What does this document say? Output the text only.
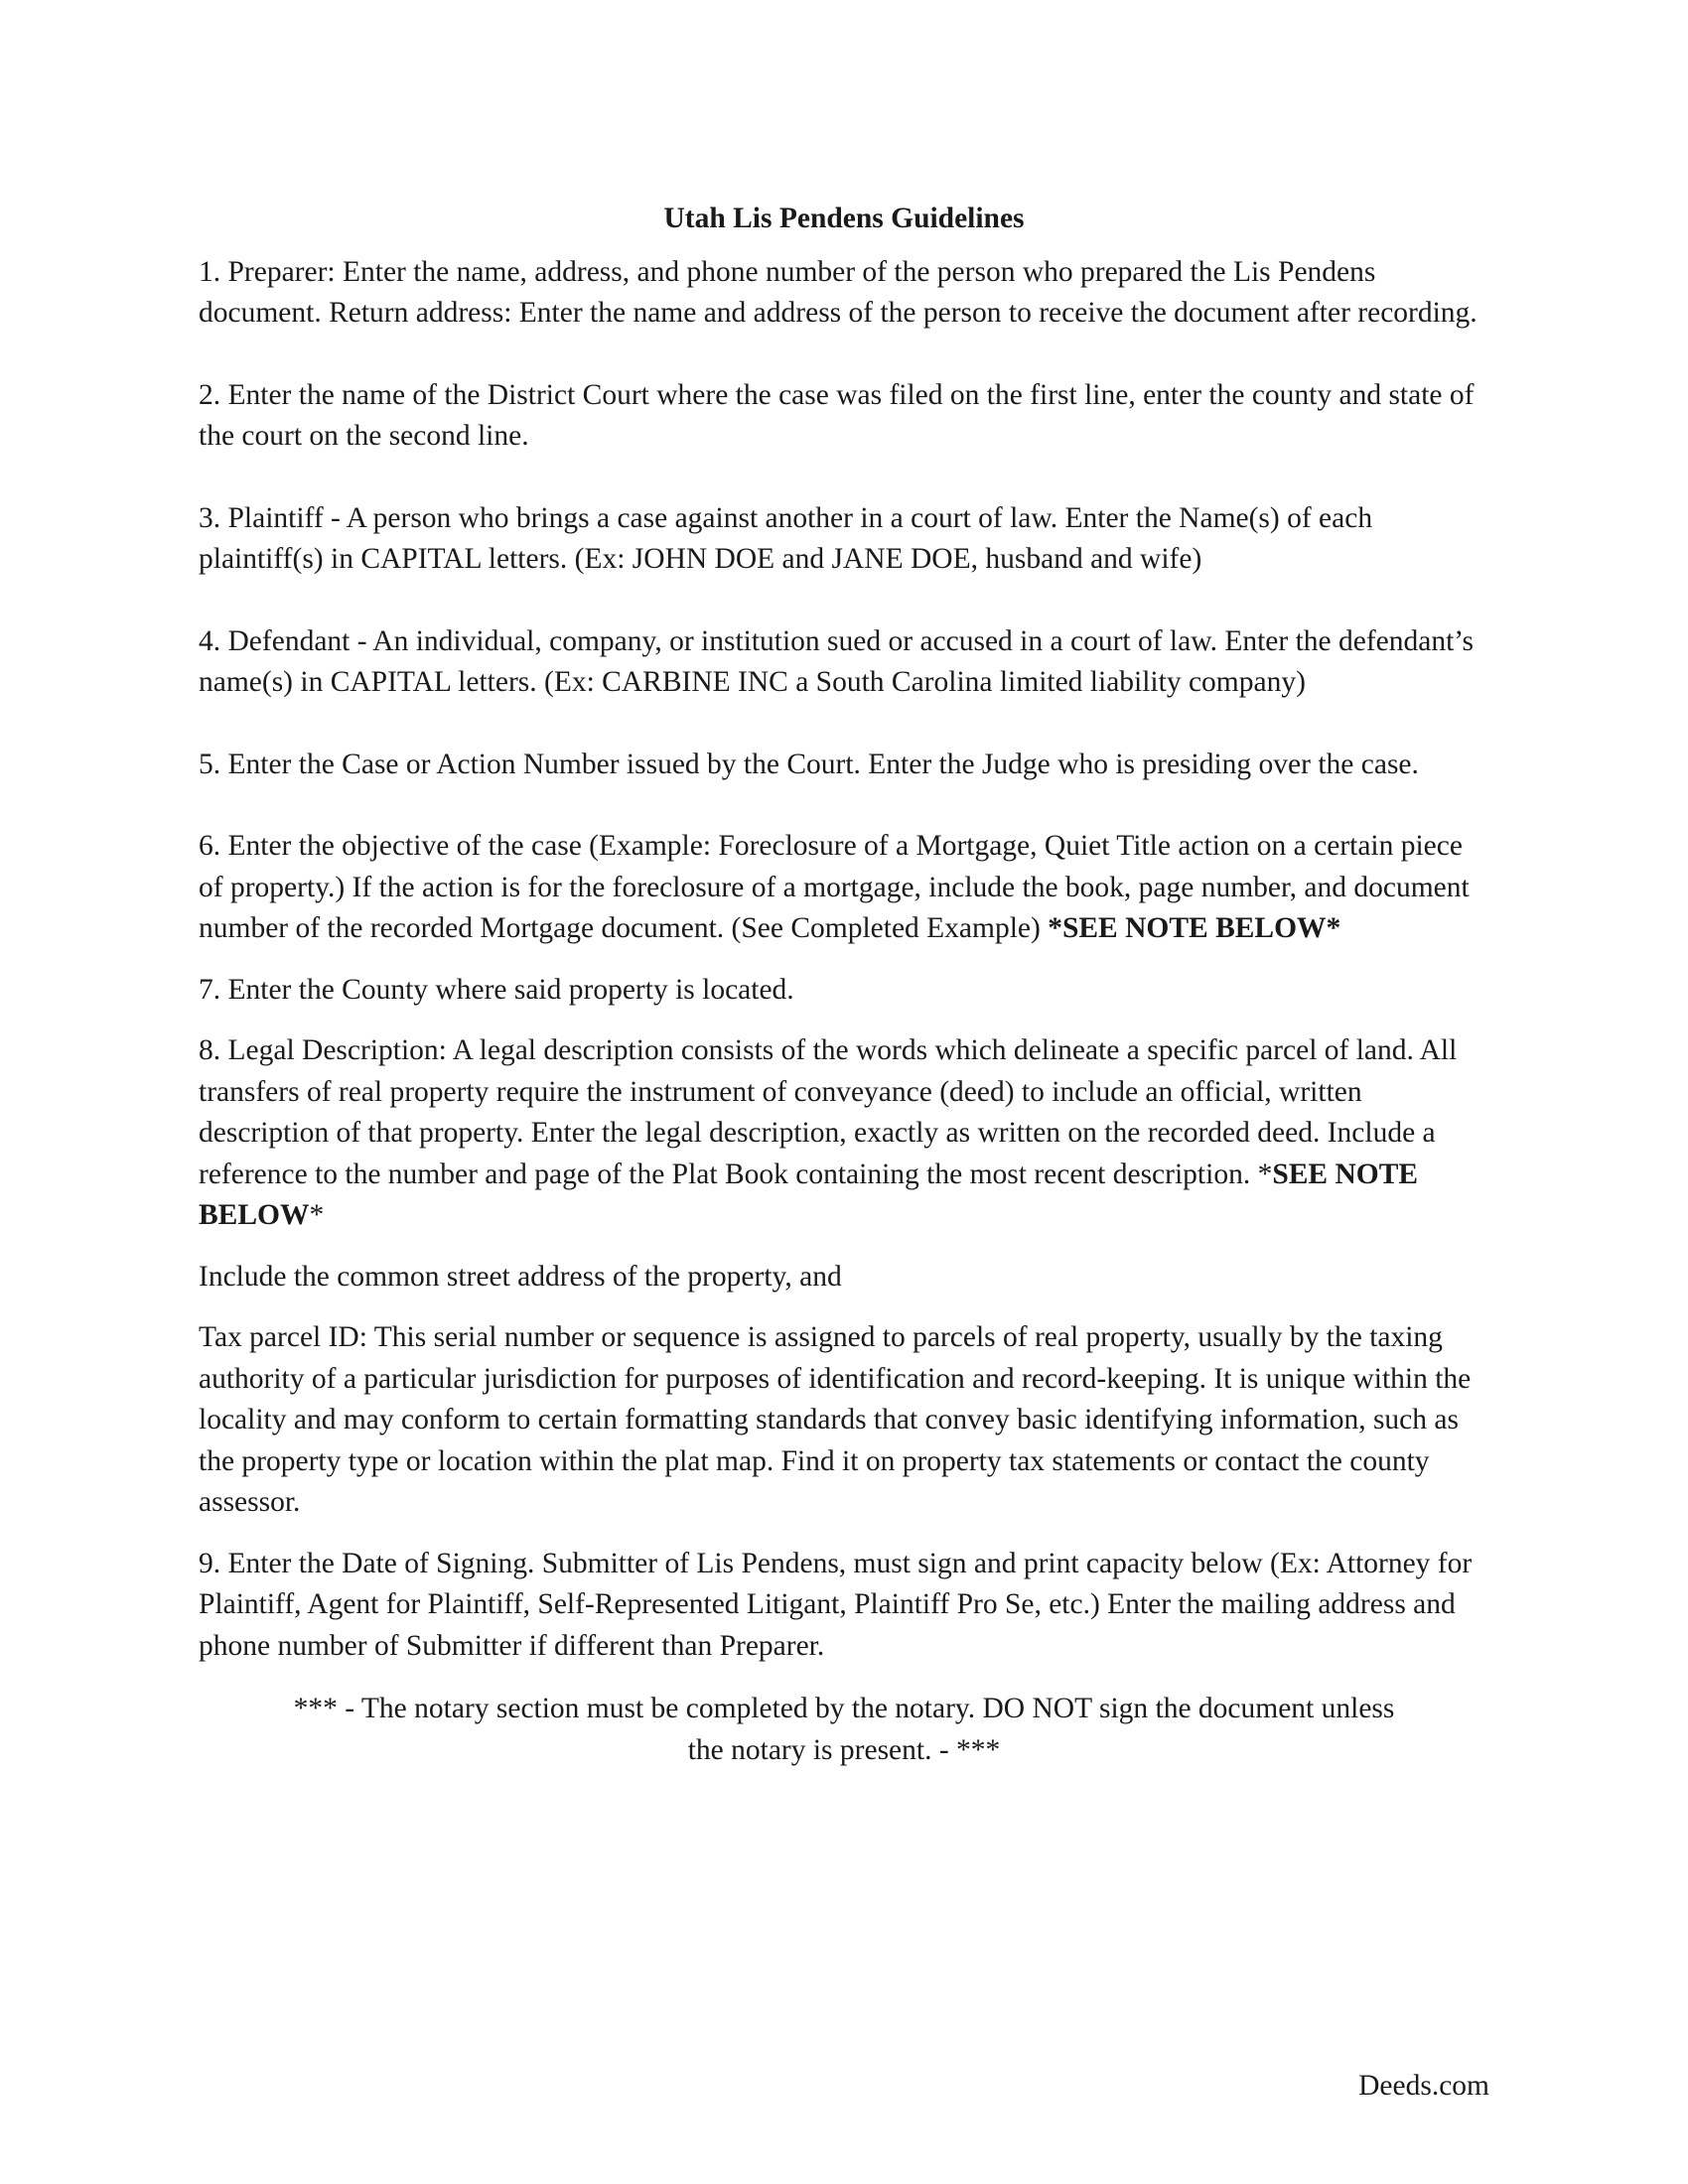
Utah Lis Pendens Guidelines

1. Preparer: Enter the name, address, and phone number of the person who prepared the Lis Pendens document. Return address: Enter the name and address of the person to receive the document after recording.

2. Enter the name of the District Court where the case was filed on the first line, enter the county and state of the court on the second line.

3. Plaintiff - A person who brings a case against another in a court of law. Enter the Name(s) of each plaintiff(s) in CAPITAL letters. (Ex: JOHN DOE and JANE DOE, husband and wife)

4. Defendant - An individual, company, or institution sued or accused in a court of law. Enter the defendant’s name(s) in CAPITAL letters. (Ex: CARBINE INC a South Carolina limited liability company)

5. Enter the Case or Action Number issued by the Court. Enter the Judge who is presiding over the case.

6. Enter the objective of the case (Example: Foreclosure of a Mortgage, Quiet Title action on a certain piece of property.) If the action is for the foreclosure of a mortgage, include the book, page number, and document number of the recorded Mortgage document. (See Completed Example) *SEE NOTE BELOW*

7. Enter the County where said property is located.

8. Legal Description: A legal description consists of the words which delineate a specific parcel of land. All transfers of real property require the instrument of conveyance (deed) to include an official, written description of that property. Enter the legal description, exactly as written on the recorded deed. Include a reference to the number and page of the Plat Book containing the most recent description. *SEE NOTE BELOW*

Include the common street address of the property, and

Tax parcel ID: This serial number or sequence is assigned to parcels of real property, usually by the taxing authority of a particular jurisdiction for purposes of identification and record-keeping. It is unique within the locality and may conform to certain formatting standards that convey basic identifying information, such as the property type or location within the plat map. Find it on property tax statements or contact the county assessor.

9. Enter the Date of Signing. Submitter of Lis Pendens, must sign and print capacity below (Ex: Attorney for Plaintiff, Agent for Plaintiff, Self-Represented Litigant, Plaintiff Pro Se, etc.) Enter the mailing address and phone number of Submitter if different than Preparer.

*** - The notary section must be completed by the notary. DO NOT sign the document unless

the notary is present. - ***

Deeds.com
